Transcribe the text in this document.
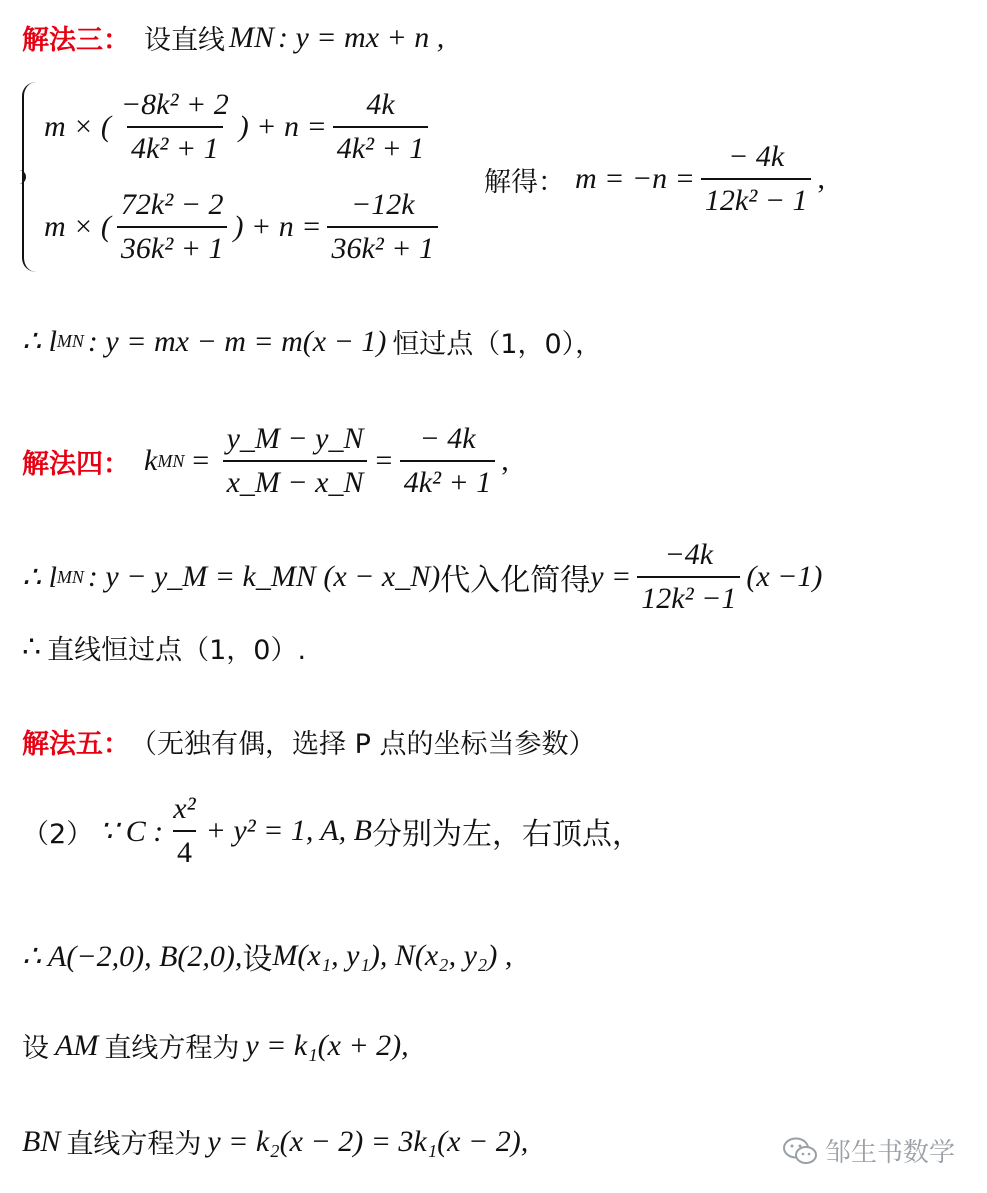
解法三： 设直线 MN : y = mx + n ,
m × ( $\frac{\text{−8k² + 2}}{\text{4k² + 1}}$ ) + $n = \frac{4k}{\text{4k² + 1}}$
m × ( $\frac{\text{72k² − 2}}{\text{36k² + 1}}$ ) + $n = \frac{-12k}{\text{36k² + 1}}$
解得： $m = -n = \frac{- 4k}{\text{12k² − 1}}$ ,
∴ l MN : y = mx − m = m(x − 1) 恒过点（1，0），
解法四： k MN = $\frac{y\_M - y\_N}{x\_M - x\_N} = \frac{- 4k}{\text{4k² + 1}}$ ,
∴ l MN : y − y_M = k_MN (x − x_N) 代入化简得 $y = \frac{-4k}{\text{12k² −1}} (x -1)$
∴ 直线恒过点（1，0）.
解法五： （无独有偶，选择 P 点的坐标当参数）
（2） ∵ C : $\frac{\text{x²}}{4} + y^2 = 1$, A, B 分别为左，右顶点，
∴ A(−2,0), B(2,0), 设 M(x₁, y₁), N(x₂, y₂) ,
设 AM 直线方程为 y = k₁(x + 2),
BN 直线方程为 y = k₂(x − 2) = 3k₁(x − 2),	邹生书数学
